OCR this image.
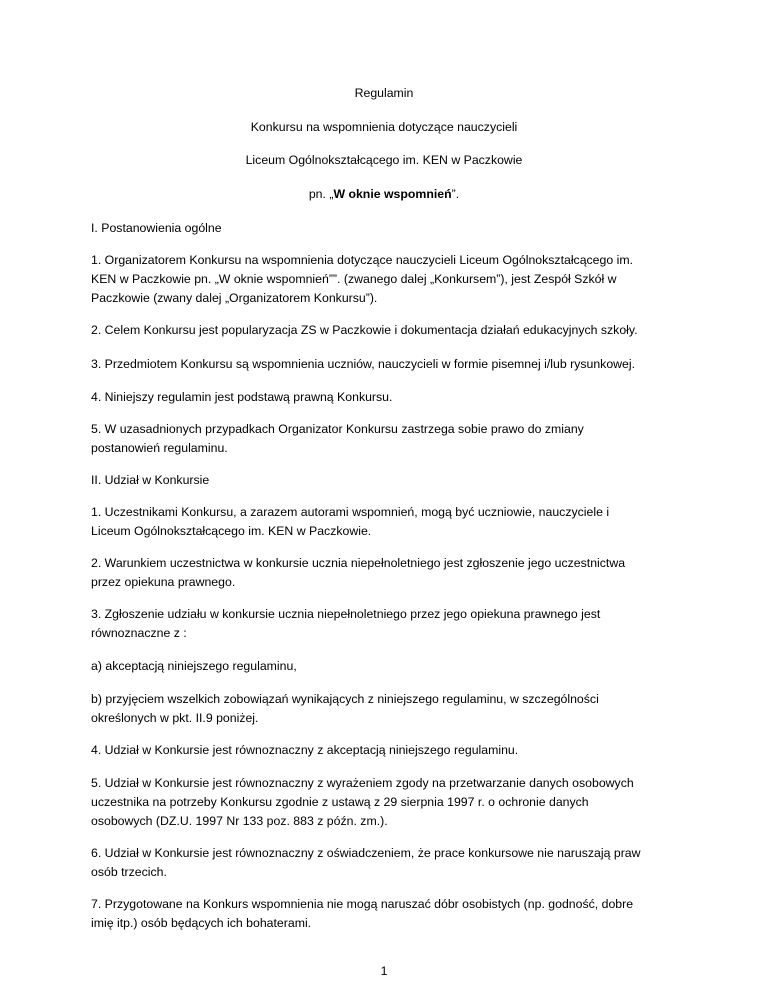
Regulamin
Konkursu na wspomnienia dotyczące nauczycieli
Liceum Ogólnokształcącego im. KEN w Paczkowie
pn. „W oknie wspomnień”.
I. Postanowienia ogólne
1. Organizatorem Konkursu na wspomnienia dotyczące nauczycieli Liceum Ogólnokształcącego im.
KEN w Paczkowie pn. „W oknie wspomnień””. (zwanego dalej „Konkursem”), jest Zespół Szkół w
Paczkowie (zwany dalej „Organizatorem Konkursu”).
2. Celem Konkursu jest popularyzacja ZS w Paczkowie i dokumentacja działań edukacyjnych szkoły.
3. Przedmiotem Konkursu są wspomnienia uczniów, nauczycieli w formie pisemnej i/lub rysunkowej.
4. Niniejszy regulamin jest podstawą prawną Konkursu.
5. W uzasadnionych przypadkach Organizator Konkursu zastrzega sobie prawo do zmiany
postanowień regulaminu.
II. Udział w Konkursie
1. Uczestnikami Konkursu, a zarazem autorami wspomnień, mogą być uczniowie, nauczyciele i
Liceum Ogólnokształcącego im. KEN w Paczkowie.
2. Warunkiem uczestnictwa w konkursie ucznia niepełnoletniego jest zgłoszenie jego uczestnictwa
przez opiekuna prawnego.
3. Zgłoszenie udziału w konkursie ucznia niepełnoletniego przez jego opiekuna prawnego jest
równoznaczne z :
a) akceptacją niniejszego regulaminu,
b) przyjęciem wszelkich zobowiązań wynikających z niniejszego regulaminu, w szczególności
określonych w pkt. II.9 poniżej.
4. Udział w Konkursie jest równoznaczny z akceptacją niniejszego regulaminu.
5. Udział w Konkursie jest równoznaczny z wyrażeniem zgody na przetwarzanie danych osobowych
uczestnika na potrzeby Konkursu zgodnie z ustawą z 29 sierpnia 1997 r. o ochronie danych
osobowych (DZ.U. 1997 Nr 133 poz. 883 z późn. zm.).
6. Udział w Konkursie jest równoznaczny z oświadczeniem, że prace konkursowe nie naruszają praw
osób trzecich.
7. Przygotowane na Konkurs wspomnienia nie mogą naruszać dóbr osobistych (np. godność, dobre
imię itp.) osób będących ich bohaterami.
1
